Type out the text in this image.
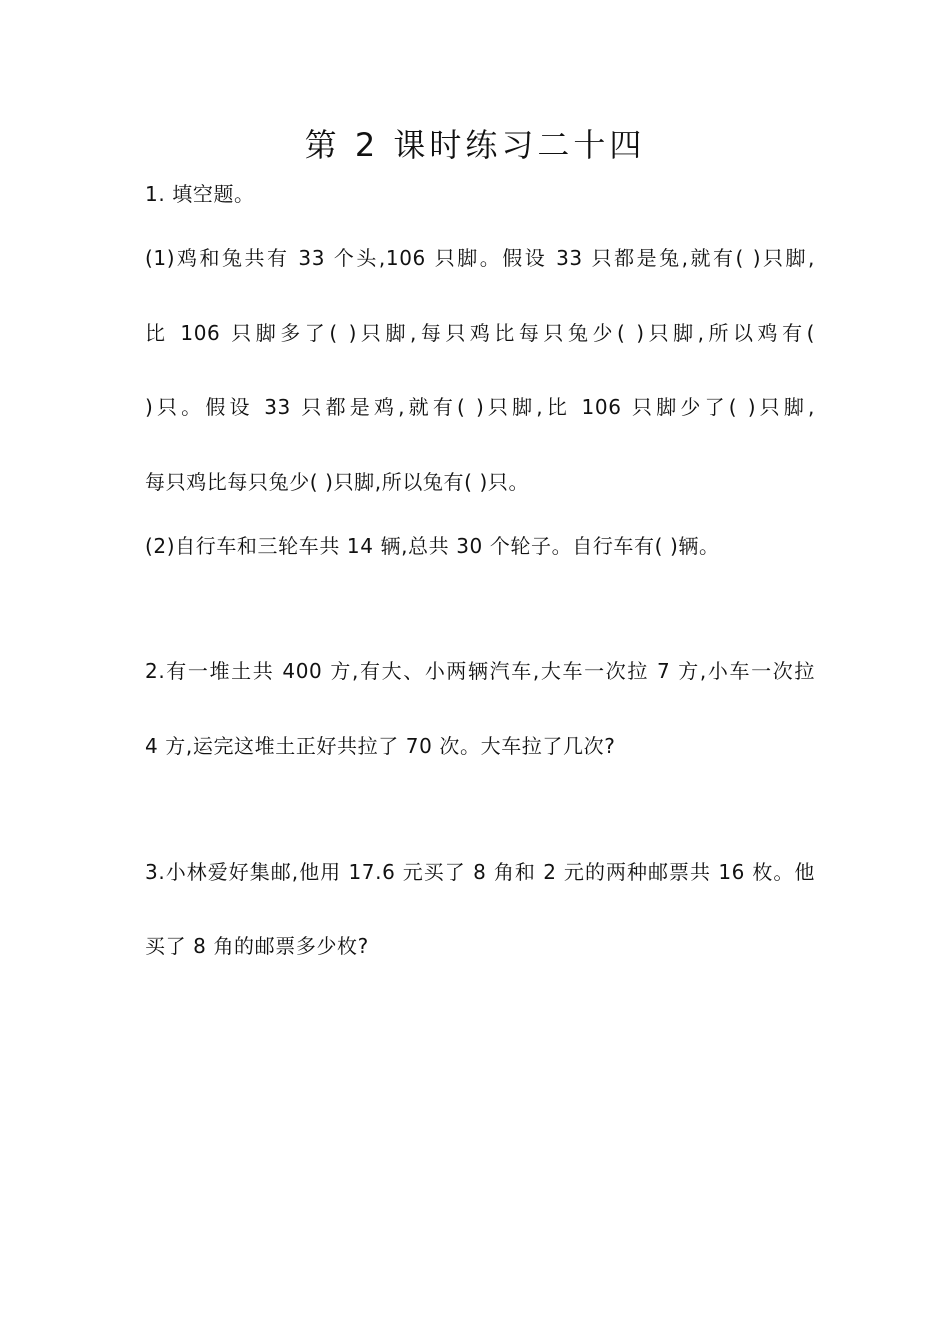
第 2 课时练习二十四
1. 填空题。
(1)鸡和兔共有 33 个头,106 只脚。假设 33 只都是兔,就有( )只脚,
比 106 只脚多了( )只脚,每只鸡比每只兔少( )只脚,所以鸡有(
)只。假设 33 只都是鸡,就有( )只脚,比 106 只脚少了( )只脚,
每只鸡比每只兔少( )只脚,所以兔有( )只。
(2)自行车和三轮车共 14 辆,总共 30 个轮子。自行车有( )辆。
2.有一堆土共 400 方,有大、小两辆汽车,大车一次拉 7 方,小车一次拉
4 方,运完这堆土正好共拉了 70 次。大车拉了几次?
3.小林爱好集邮,他用 17.6 元买了 8 角和 2 元的两种邮票共 16 枚。他
买了 8 角的邮票多少枚?
